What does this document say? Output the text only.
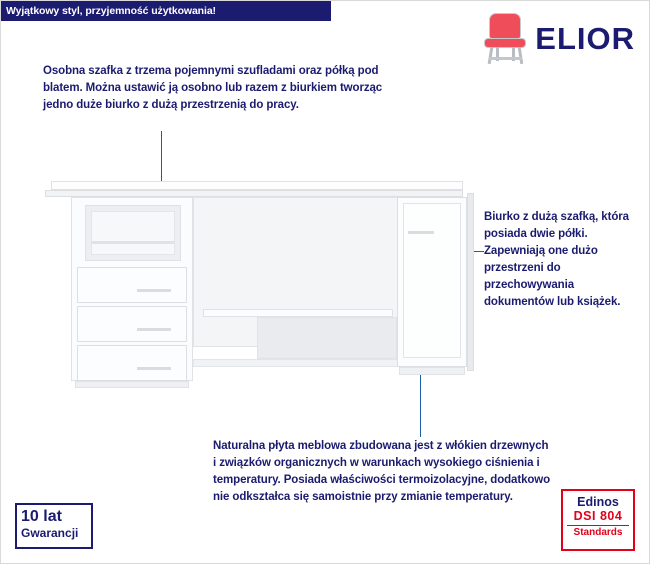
Wyjątkowy styl, przyjemność użytkowania!
ELIOR
Osobna szafka z trzema pojemnymi szufladami oraz półką pod blatem. Można ustawić ją osobno lub razem z biurkiem tworząc jedno duże biurko z dużą przestrzenią do pracy.
Biurko z dużą szafką, która posiada dwie półki. Zapewniają one dużo przestrzeni do przechowywania dokumentów lub książek.
Naturalna płyta meblowa zbudowana jest z włókien drzewnych i związków organicznych w warunkach wysokiego ciśnienia i temperatury. Posiada właściwości termoizolacyjne, dodatkowo nie odkształca się samoistnie przy zmianie temperatury.
10 lat
Gwarancji
Edinos
DSI 804
Standards
